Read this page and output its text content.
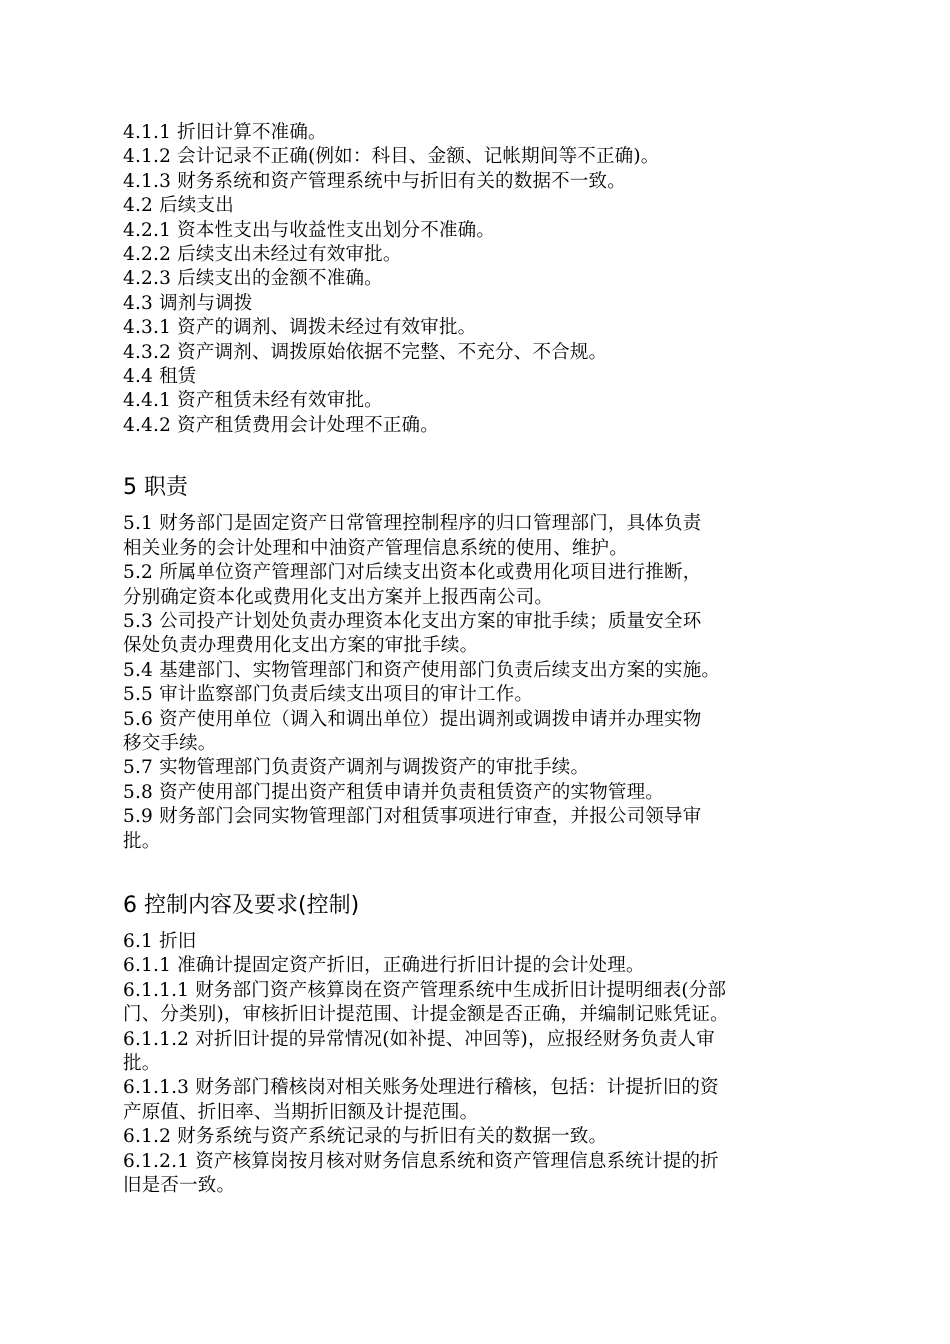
4.1.1 折旧计算不准确。
4.1.2 会计记录不正确(例如：科目、金额、记帐期间等不正确)。
4.1.3 财务系统和资产管理系统中与折旧有关的数据不一致。
4.2 后续支出
4.2.1 资本性支出与收益性支出划分不准确。
4.2.2 后续支出未经过有效审批。
4.2.3 后续支出的金额不准确。
4.3 调剂与调拨
4.3.1 资产的调剂、调拨未经过有效审批。
4.3.2 资产调剂、调拨原始依据不完整、不充分、不合规。
4.4 租赁
4.4.1 资产租赁未经有效审批。
4.4.2 资产租赁费用会计处理不正确。
5 职责
5.1 财务部门是固定资产日常管理控制程序的归口管理部门，具体负责
相关业务的会计处理和中油资产管理信息系统的使用、维护。
5.2 所属单位资产管理部门对后续支出资本化或费用化项目进行推断，
分别确定资本化或费用化支出方案并上报西南公司。
5.3 公司投产计划处负责办理资本化支出方案的审批手续；质量安全环
保处负责办理费用化支出方案的审批手续。
5.4 基建部门、实物管理部门和资产使用部门负责后续支出方案的实施。
5.5 审计监察部门负责后续支出项目的审计工作。
5.6 资产使用单位（调入和调出单位）提出调剂或调拨申请并办理实物
移交手续。
5.7 实物管理部门负责资产调剂与调拨资产的审批手续。
5.8 资产使用部门提出资产租赁申请并负责租赁资产的实物管理。
5.9 财务部门会同实物管理部门对租赁事项进行审查，并报公司领导审
批。
6 控制内容及要求(控制)
6.1 折旧
6.1.1 准确计提固定资产折旧，正确进行折旧计提的会计处理。
6.1.1.1 财务部门资产核算岗在资产管理系统中生成折旧计提明细表(分部
门、分类别)，审核折旧计提范围、计提金额是否正确，并编制记账凭证。
6.1.1.2 对折旧计提的异常情况(如补提、冲回等)，应报经财务负责人审
批。
6.1.1.3 财务部门稽核岗对相关账务处理进行稽核，包括：计提折旧的资
产原值、折旧率、当期折旧额及计提范围。
6.1.2 财务系统与资产系统记录的与折旧有关的数据一致。
6.1.2.1 资产核算岗按月核对财务信息系统和资产管理信息系统计提的折
旧是否一致。
